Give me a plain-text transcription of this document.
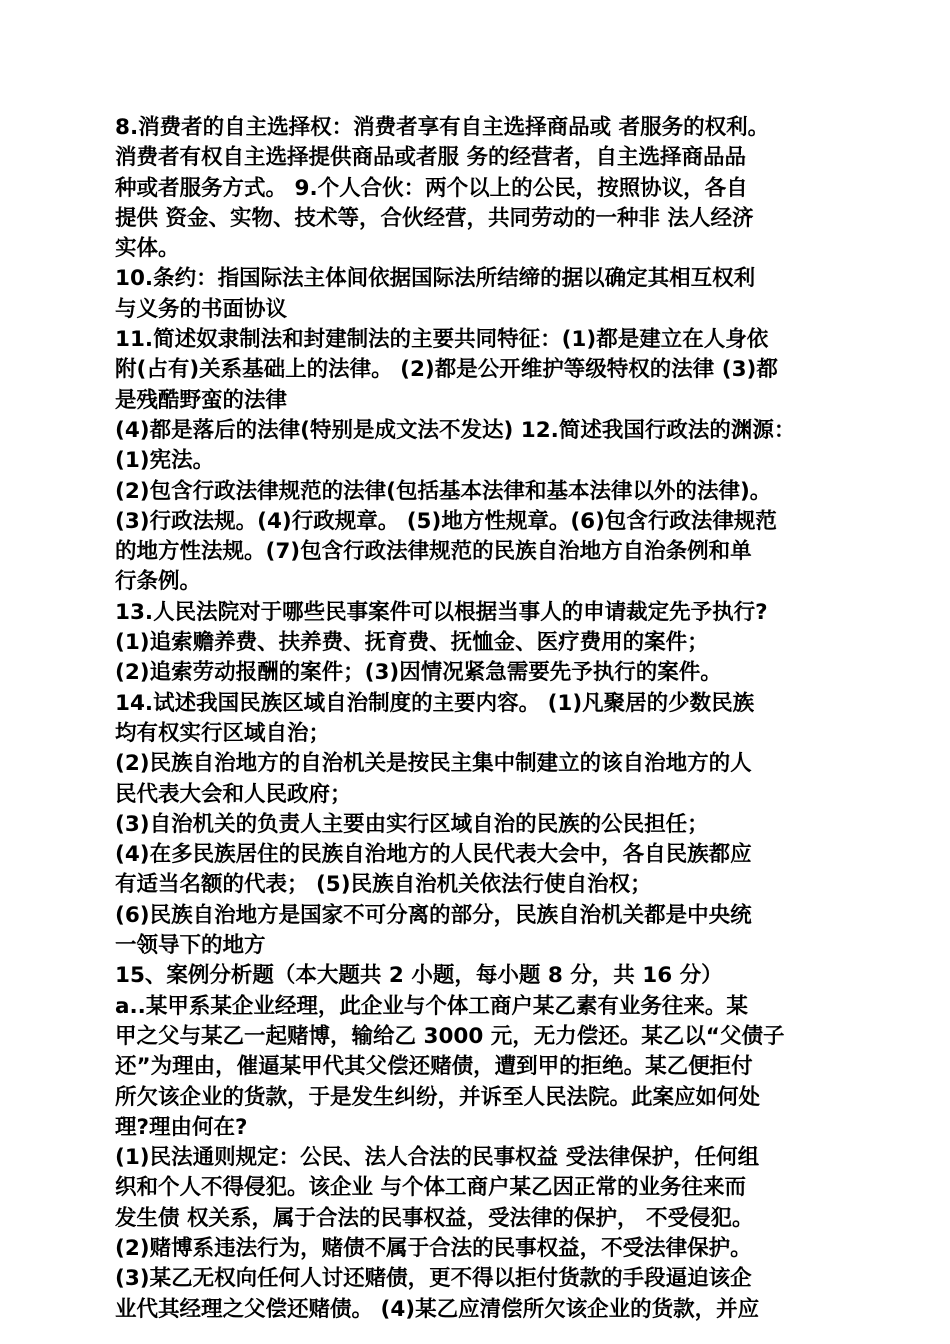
8.消费者的自主选择权：消费者享有自主选择商品或 者服务的权利。
消费者有权自主选择提供商品或者服 务的经营者，自主选择商品品
种或者服务方式。 9.个人合伙：两个以上的公民，按照协议，各自
提供 资金、实物、技术等，合伙经营，共同劳动的一种非 法人经济
实体。
10.条约：指国际法主体间依据国际法所结缔的据以确定其相互权利
与义务的书面协议
11.简述奴隶制法和封建制法的主要共同特征：(1)都是建立在人身依
附(占有)关系基础上的法律。 (2)都是公开维护等级特权的法律 (3)都
是残酷野蛮的法律
(4)都是落后的法律(特别是成文法不发达) 12.简述我国行政法的渊源：
(1)宪法。
(2)包含行政法律规范的法律(包括基本法律和基本法律以外的法律)。
(3)行政法规。(4)行政规章。 (5)地方性规章。(6)包含行政法律规范
的地方性法规。(7)包含行政法律规范的民族自治地方自治条例和单
行条例。
13.人民法院对于哪些民事案件可以根据当事人的申请裁定先予执行?
(1)追索赡养费、扶养费、抚育费、抚恤金、医疗费用的案件；
(2)追索劳动报酬的案件；(3)因情况紧急需要先予执行的案件。
14.试述我国民族区域自治制度的主要内容。 (1)凡聚居的少数民族
均有权实行区域自治；
(2)民族自治地方的自治机关是按民主集中制建立的该自治地方的人
民代表大会和人民政府；
(3)自治机关的负责人主要由实行区域自治的民族的公民担任；
(4)在多民族居住的民族自治地方的人民代表大会中，各自民族都应
有适当名额的代表； (5)民族自治机关依法行使自治权；
(6)民族自治地方是国家不可分离的部分，民族自治机关都是中央统
一领导下的地方
15、案例分析题（本大题共 2 小题，每小题 8 分，共 16 分）
a..某甲系某企业经理，此企业与个体工商户某乙素有业务往来。某
甲之父与某乙一起赌博，输给乙 3000 元，无力偿还。某乙以“父债子
还”为理由，催逼某甲代其父偿还赌债，遭到甲的拒绝。某乙便拒付
所欠该企业的货款，于是发生纠纷，并诉至人民法院。此案应如何处
理?理由何在?
(1)民法通则规定：公民、法人合法的民事权益 受法律保护，任何组
织和个人不得侵犯。该企业 与个体工商户某乙因正常的业务往来而
发生债 权关系，属于合法的民事权益，受法律的保护， 不受侵犯。
(2)赌博系违法行为，赌债不属于合法的民事权益，不受法律保护。
(3)某乙无权向任何人讨还赌债，更不得以拒付货款的手段逼迫该企
业代其经理之父偿还赌债。 (4)某乙应清偿所欠该企业的货款，并应
